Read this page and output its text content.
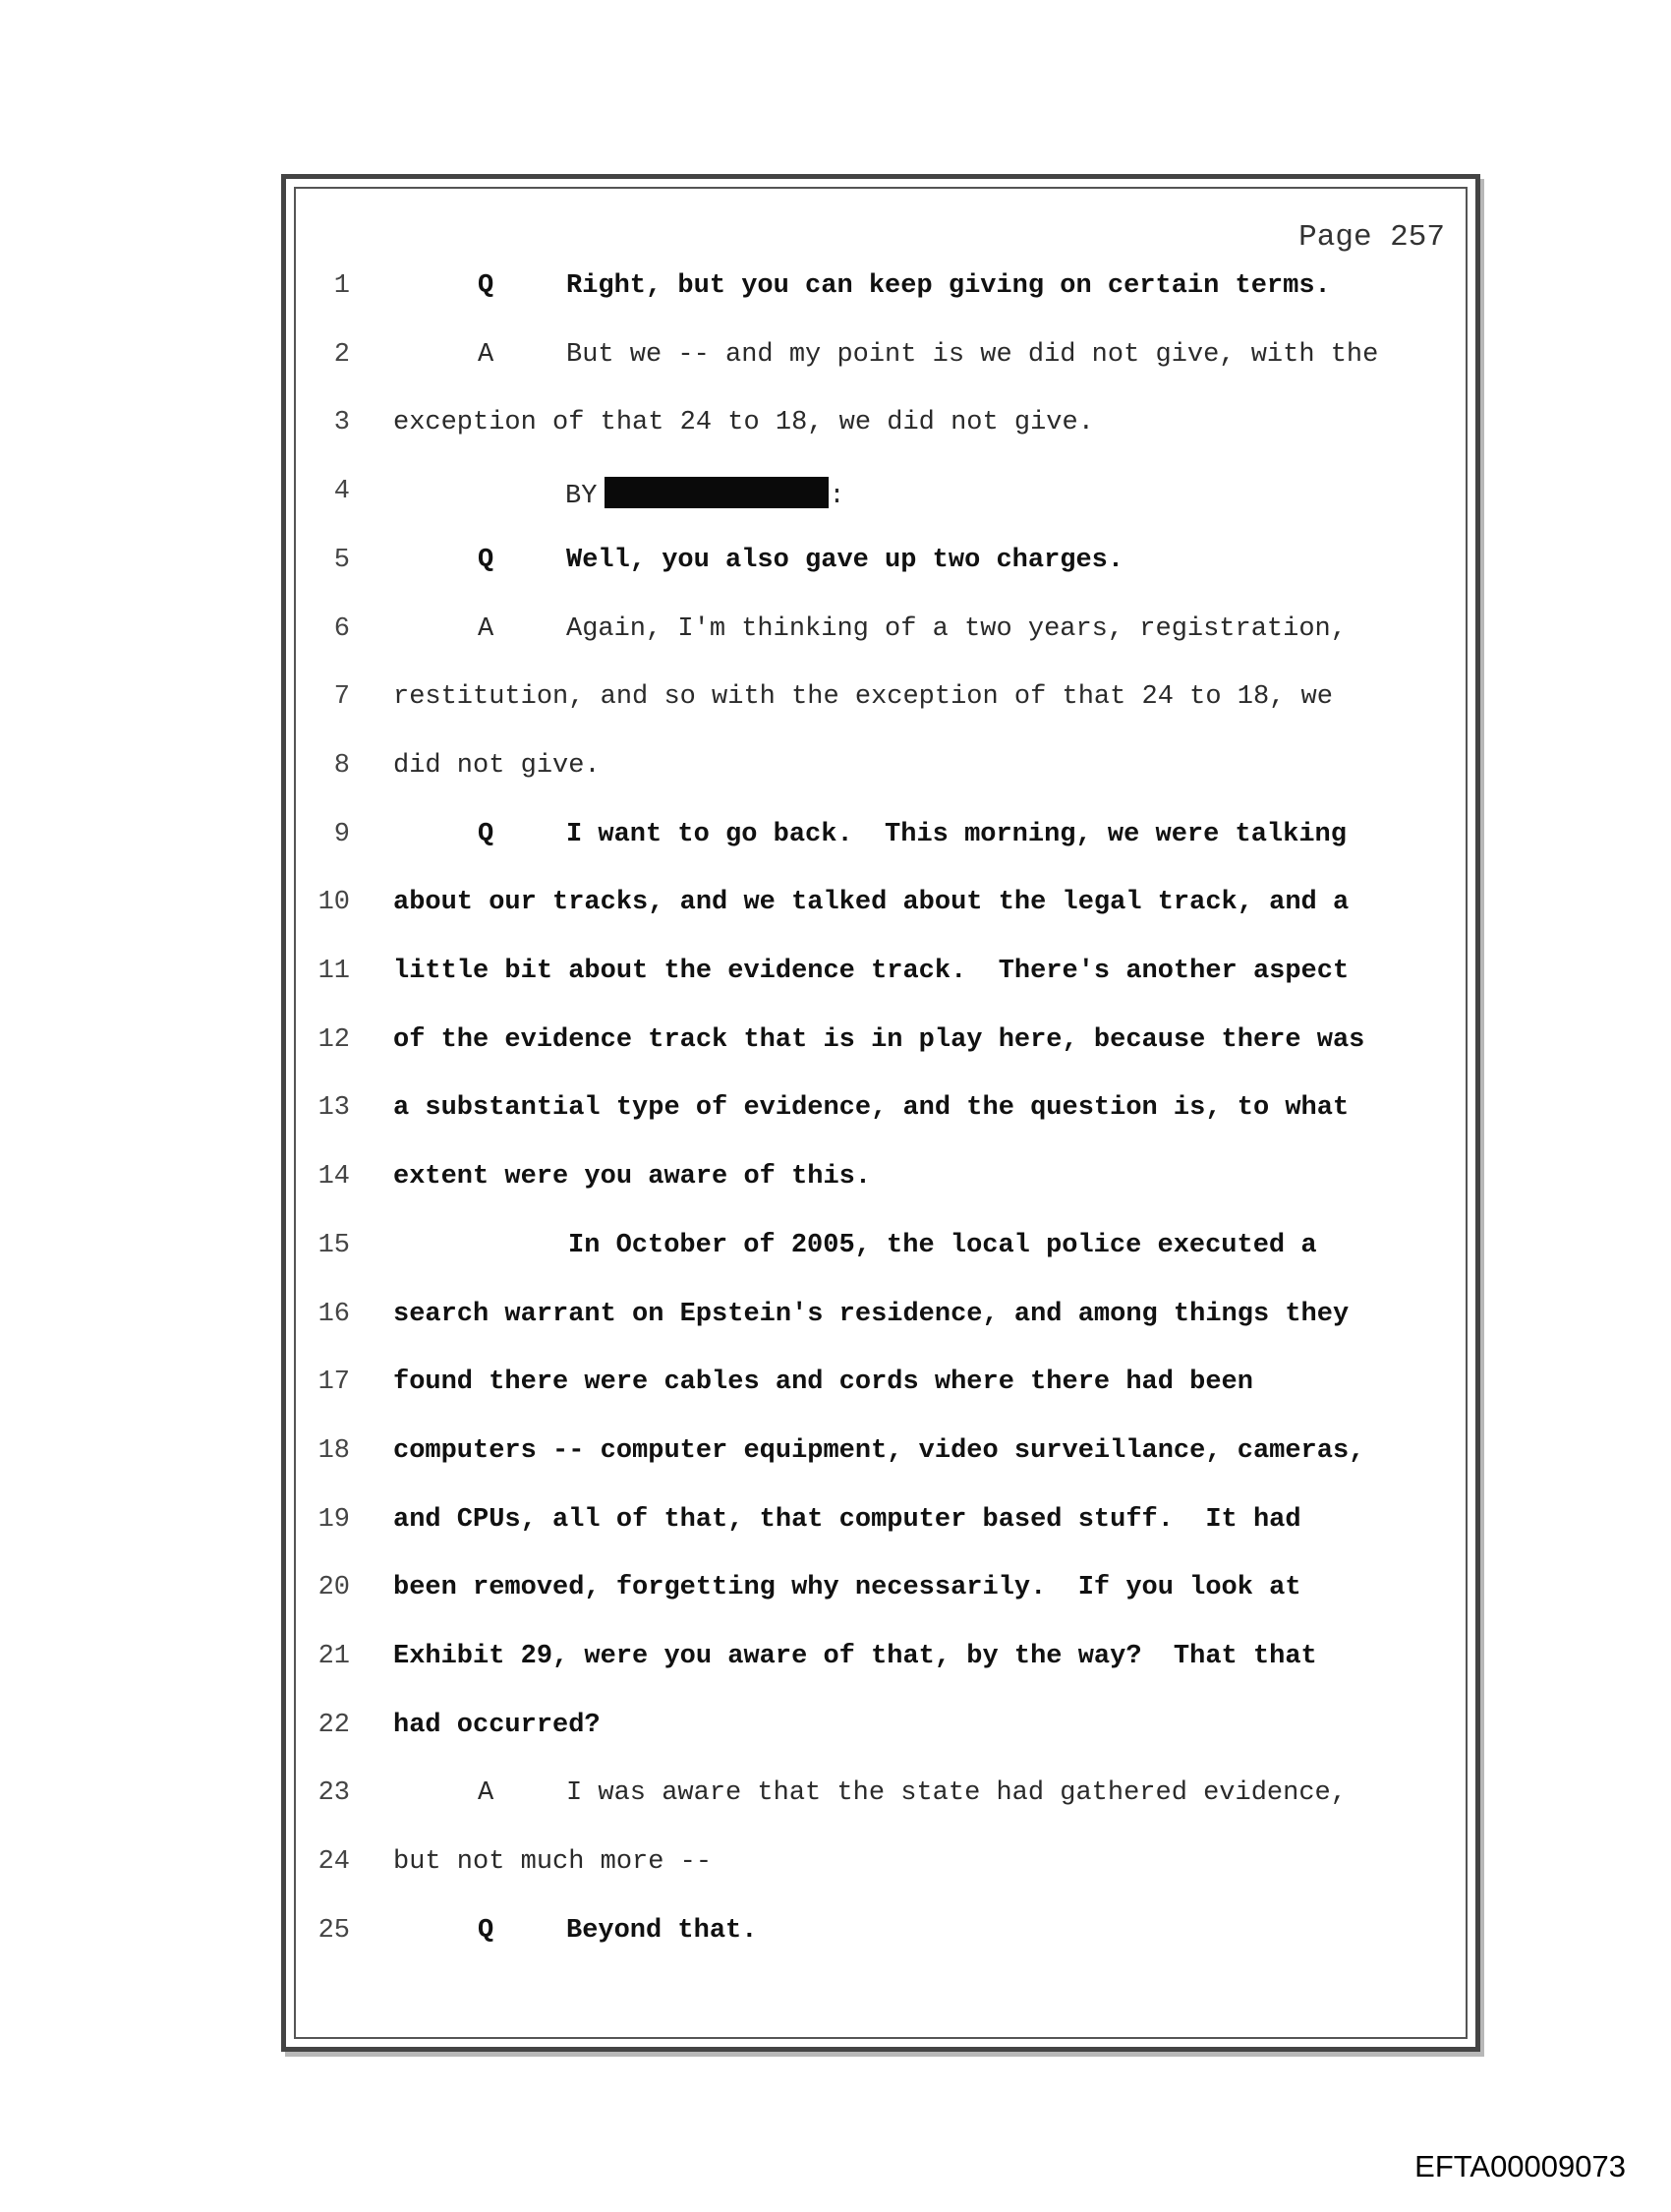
Page 257
1	Q	Right, but you can keep giving on certain terms.
2	A	But we -- and my point is we did not give, with the
3 exception of that 24 to 18, we did not give.
4	BY	:
5	Q	Well, you also gave up two charges.
6	A	Again, I'm thinking of a two years, registration,
7 restitution, and so with the exception of that 24 to 18, we
8 did not give.
9	Q	I want to go back.  This morning, we were talking
10 about our tracks, and we talked about the legal track, and a
11 little bit about the evidence track.  There's another aspect
12 of the evidence track that is in play here, because there was
13 a substantial type of evidence, and the question is, to what
14 extent were you aware of this.
15	In October of 2005, the local police executed a
16 search warrant on Epstein's residence, and among things they
17 found there were cables and cords where there had been
18 computers -- computer equipment, video surveillance, cameras,
19 and CPUs, all of that, that computer based stuff.  It had
20 been removed, forgetting why necessarily.  If you look at
21 Exhibit 29, were you aware of that, by the way?  That that
22 had occurred?
23	A	I was aware that the state had gathered evidence,
24 but not much more --
25	Q	Beyond that.
EFTA00009073
